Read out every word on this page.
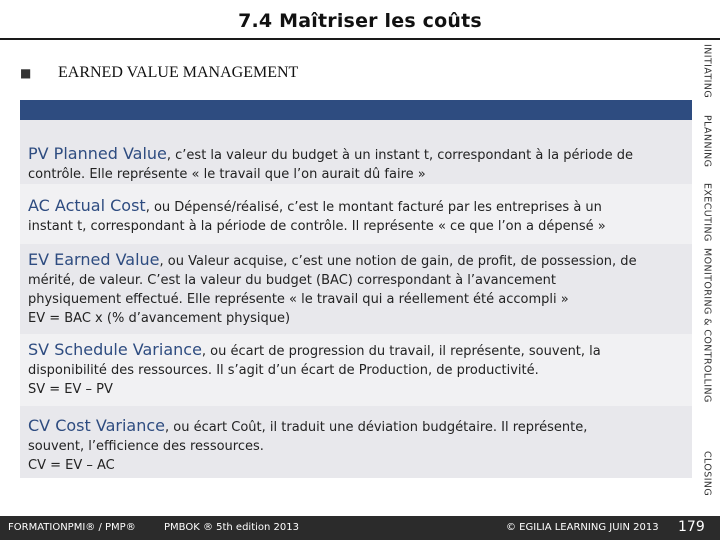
7.4 Maîtriser les coûts
■ EARNED VALUE MANAGEMENT
PV Planned Value, c’est la valeur du budget à un instant t, correspondant à la période de
contrôle. Elle représente « le travail que l’on aurait dû faire »
AC Actual Cost, ou Dépensé/réalisé, c’est le montant facturé par les entreprises à un
instant t, correspondant à la période de contrôle. Il représente « ce que l’on a dépensé »
EV Earned Value, ou Valeur acquise, c’est une notion de gain, de profit, de possession, de
mérité, de valeur. C’est la valeur du budget (BAC) correspondant à l’avancement
physiquement effectué. Elle représente « le travail qui a réellement été accompli »
EV = BAC x (% d’avancement physique)
SV Schedule Variance, ou écart de progression du travail, il représente, souvent, la
disponibilité des ressources. Il s’agit d’un écart de Production, de productivité.
SV = EV – PV
CV Cost Variance, ou écart Coût, il traduit une déviation budgétaire. Il représente,
souvent, l’efficience des ressources.
CV = EV – AC
INITIATING
PLANNING
EXECUTING
MONITORING & CONTROLLING
CLOSING
FORMATIONPMI® / PMP®	PMBOK ® 5th edition 2013	© EGILIA LEARNING JUIN 2013 179
